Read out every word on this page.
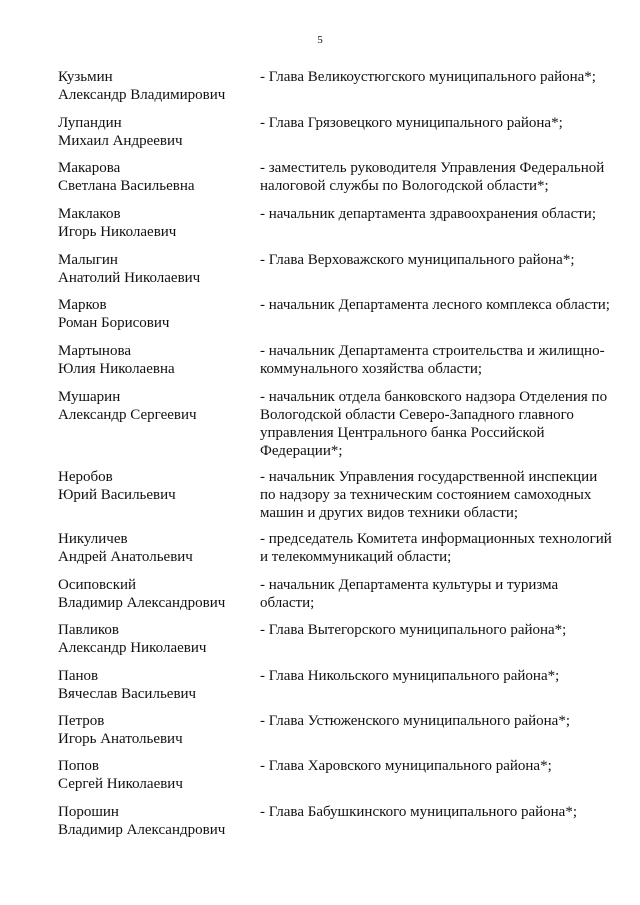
5
Кузьмин
Александр Владимирович
- Глава Великоустюгского муниципального района*;
Лупандин
Михаил Андреевич
- Глава Грязовецкого муниципального района*;
Макарова
Светлана Васильевна
- заместитель руководителя Управления Федеральной
налоговой службы по Вологодской области*;
Маклаков
Игорь Николаевич
- начальник департамента здравоохранения области;
Малыгин
Анатолий Николаевич
- Глава Верховажского муниципального района*;
Марков
Роман Борисович
- начальник Департамента лесного комплекса области;
Мартынова
Юлия Николаевна
- начальник Департамента строительства и жилищно-
коммунального хозяйства области;
Мушарин
Александр Сергеевич
- начальник отдела банковского надзора Отделения по
Вологодской области Северо-Западного главного
управления Центрального банка Российской
Федерации*;
Неробов
Юрий Васильевич
- начальник Управления государственной инспекции
по надзору за техническим состоянием самоходных
машин и других видов техники области;
Никуличев
Андрей Анатольевич
- председатель Комитета информационных технологий
и телекоммуникаций области;
Осиповский
Владимир Александрович
- начальник Департамента культуры и туризма
области;
Павликов
Александр Николаевич
- Глава Вытегорского муниципального района*;
Панов
Вячеслав Васильевич
- Глава Никольского муниципального района*;
Петров
Игорь Анатольевич
- Глава Устюженского муниципального района*;
Попов
Сергей Николаевич
- Глава Харовского муниципального района*;
Порошин
Владимир Александрович
- Глава Бабушкинского муниципального района*;
